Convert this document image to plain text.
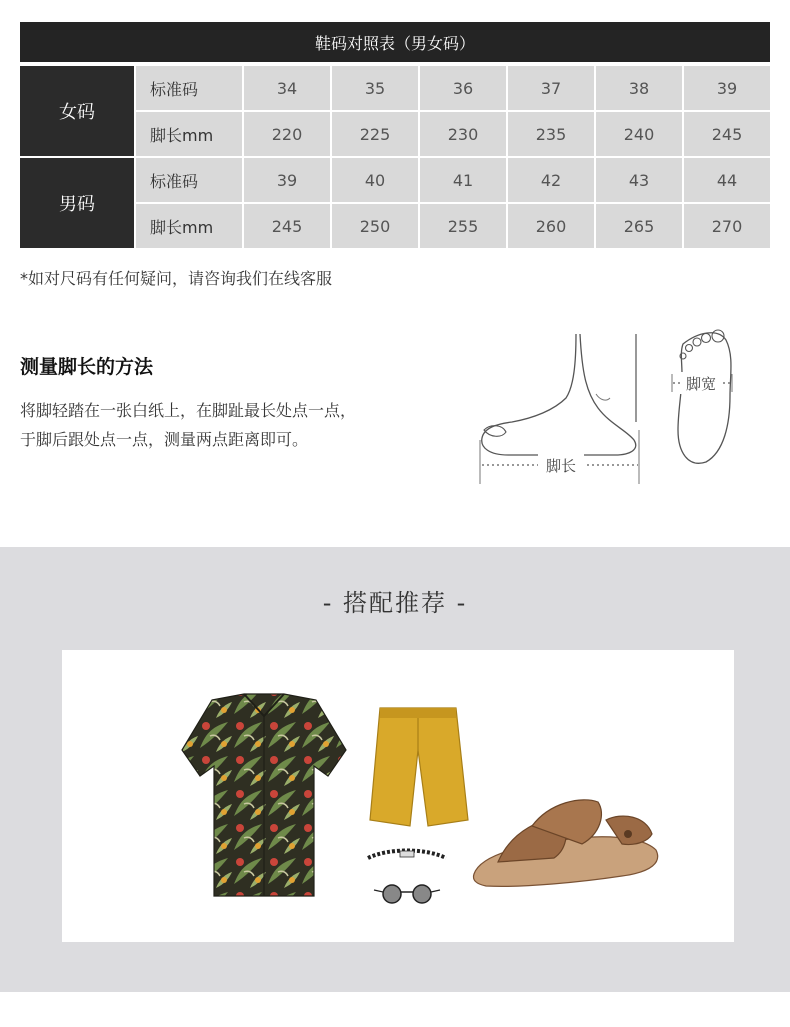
鞋码对照表（男女码）
女码
标准码	34	35	36	37	38	39
脚长mm	220	225	230	235	240	245
男码
标准码	39	40	41	42	43	44
脚长mm	245	250	255	260	265	270
*如对尺码有任何疑问，请咨询我们在线客服
测量脚长的方法
将脚轻踏在一张白纸上，在脚趾最长处点一点，
于脚后跟处点一点，测量两点距离即可。
脚长
脚宽
- 搭配推荐 -
